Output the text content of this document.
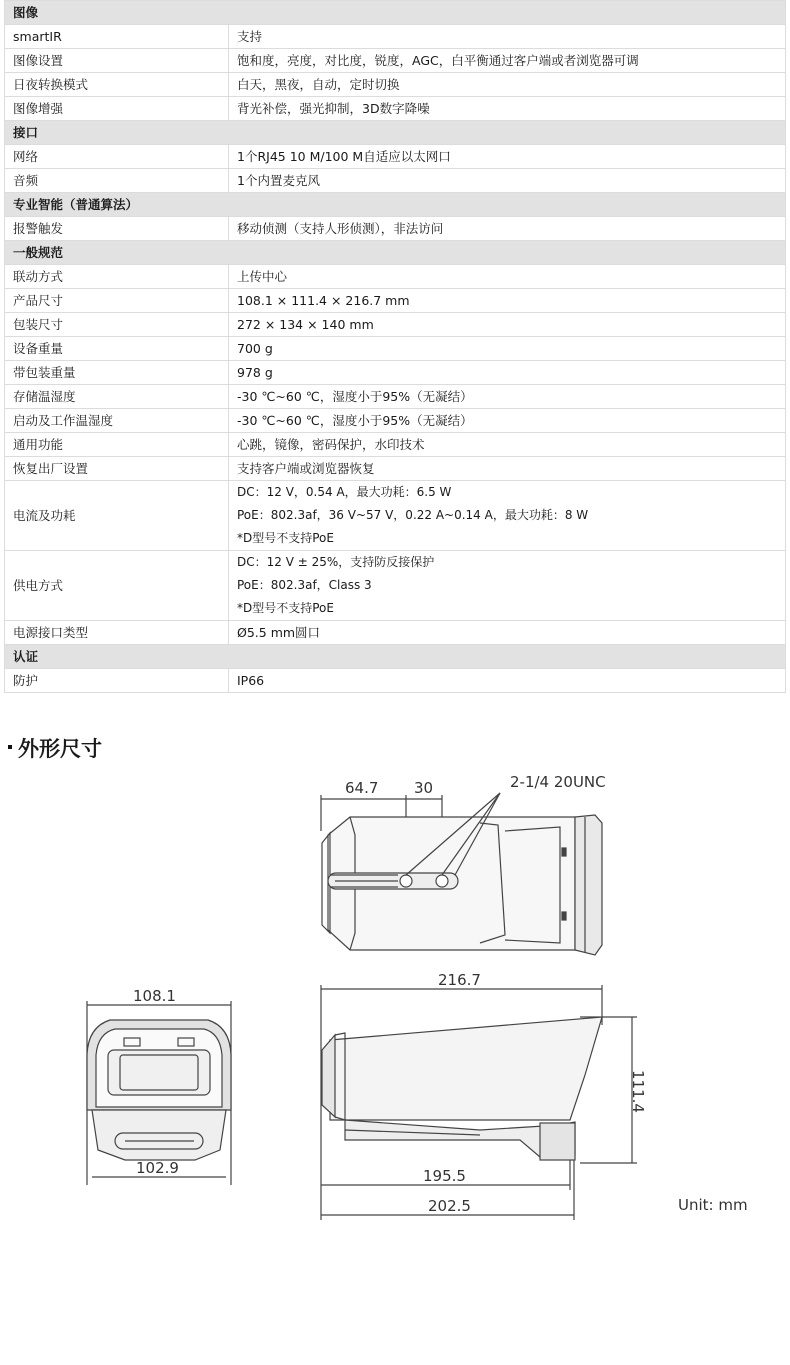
图像	
smartIR	支持

图像设置	饱和度，亮度，对比度，锐度，AGC，白平衡通过客户端或者浏览器可调

日夜转换模式	白天，黑夜，自动，定时切换

图像增强	背光补偿，强光抑制，3D数字降噪

接口	
网络	1个RJ45 10 M/100 M自适应以太网口

音频	1个内置麦克风

专业智能（普通算法）	
报警触发	移动侦测（支持人形侦测），非法访问

一般规范	
联动方式	上传中心

产品尺寸	108.1 × 111.4 × 216.7 mm

包装尺寸	272 × 134 × 140 mm

设备重量	700 g

带包装重量	978 g

存储温湿度	-30 ℃~60 ℃，湿度小于95%（无凝结）

启动及工作温湿度	-30 ℃~60 ℃，湿度小于95%（无凝结）

通用功能	心跳，镜像，密码保护，水印技术

恢复出厂设置	支持客户端或浏览器恢复

电流及功耗	DC：12 V，0.54 A，最大功耗：6.5 W
PoE：802.3af，36 V~57 V，0.22 A~0.14 A，最大功耗：8 W
*D型号不支持PoE

供电方式	DC：12 V ± 25%，支持防反接保护
PoE：802.3af，Class 3
*D型号不支持PoE

电源接口类型	Ø5.5 mm圆口

认证	
防护	IP66
外形尺寸
64.7 30	2-1/4 20UNC
108.1
102.9
216.7
195.5
202.5	Unit: mm
111.4
